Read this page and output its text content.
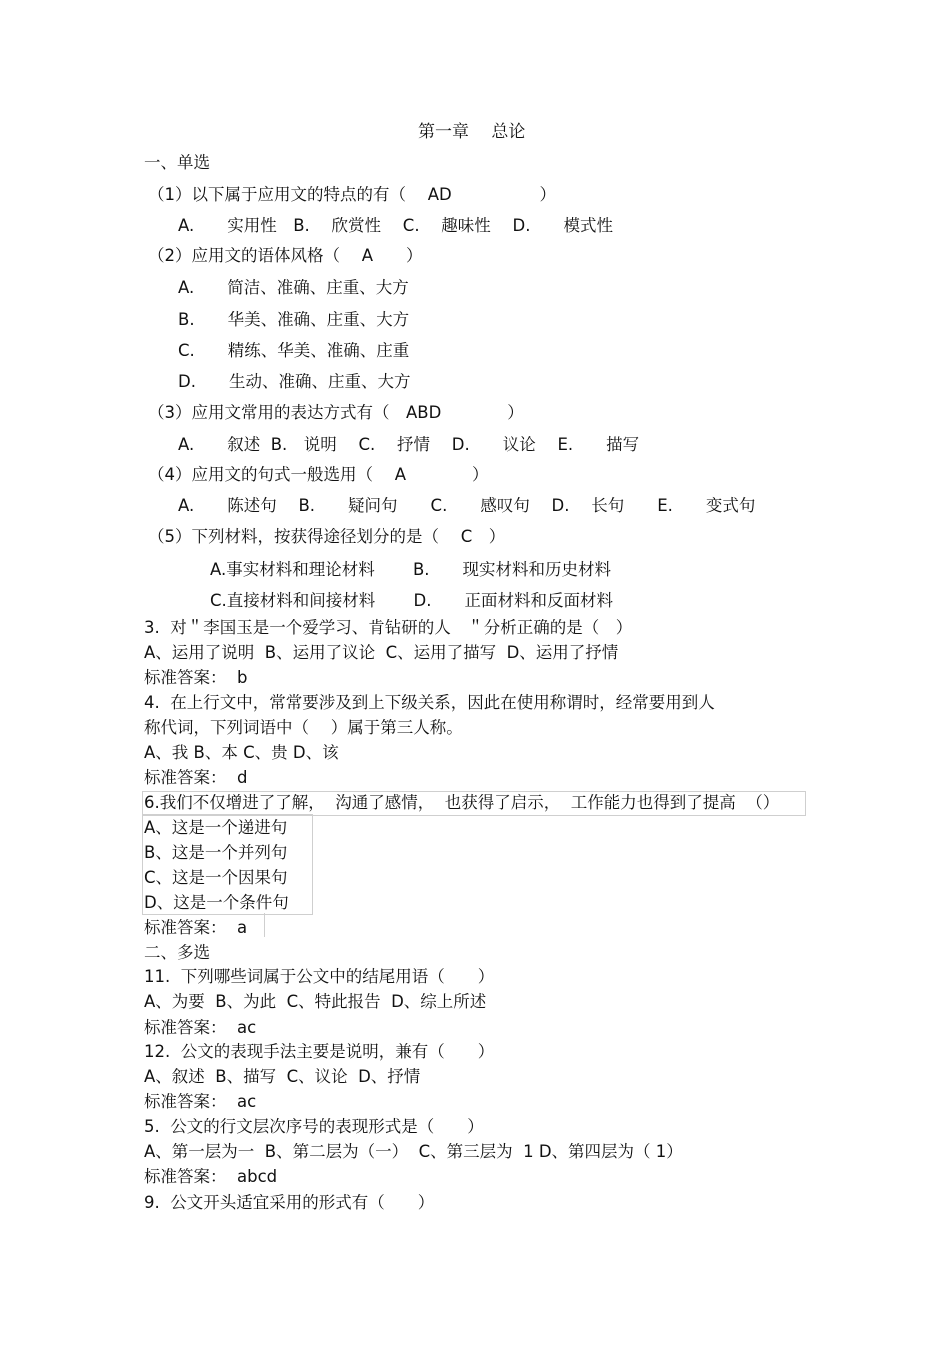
第一章　 总论
一、单选
（1）以下属于应用文的特点的有（　 AD　　　　　 ）
A.　　实用性　B.　 欣赏性　 C.　 趣味性　 D.　　模式性
（2）应用文的语体风格（　 A　　）
A.　　简洁、准确、庄重、大方
B.　　华美、准确、庄重、大方
C.　　精练、华美、准确、庄重
D.　　生动、准确、庄重、大方
（3）应用文常用的表达方式有（　ABD　　　　）
A.　　叙述  B.　说明　 C.　 抒情　 D.　　议论　 E.　　描写
（4）应用文的句式一般选用（　 A　　　　）
A.　　陈述句　 B.　　疑问句　　C.　　感叹句　 D.　 长句　　E.　　变式句
（5）下列材料，按获得途径划分的是（　 C　）
A.事实材料和理论材料　　 B.　　现实材料和历史材料
C.直接材料和间接材料　　 D.　　正面材料和反面材料
3.  对＂李国玉是一个爱学习、肯钻研的人　＂分析正确的是（　）
A、运用了说明  B、运用了议论  C、运用了描写  D、运用了抒情
标准答案：  b
4.  在上行文中，常常要涉及到上下级关系，因此在使用称谓时，经常要用到人
称代词，下列词语中（　 ）属于第三人称。
A、我 B、本 C、贵 D、该
标准答案：  d
6.我们不仅增进了了解，  沟通了感情，  也获得了启示，  工作能力也得到了提高  （）
A、这是一个递进句
B、这是一个并列句
C、这是一个因果句
D、这是一个条件句
标准答案：  a
二、多选
11.  下列哪些词属于公文中的结尾用语（　　）
A、为要  B、为此  C、特此报告  D、综上所述
标准答案：  ac
12.  公文的表现手法主要是说明，兼有（　　）
A、叙述  B、描写  C、议论  D、抒情
标准答案：  ac
5.  公文的行文层次序号的表现形式是（　　）
A、第一层为一  B、第二层为（一）  C、第三层为  1 D、第四层为（ 1）
标准答案：  abcd
9.  公文开头适宜采用的形式有（　　）
